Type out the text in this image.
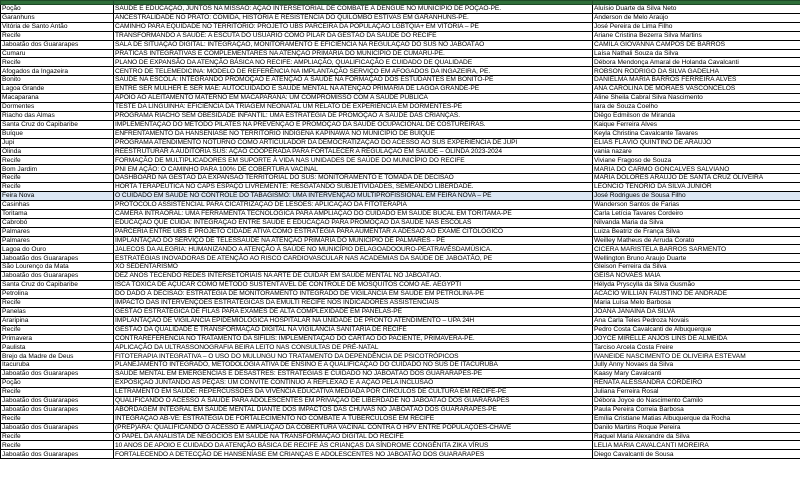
Poção	SAÚDE E EDUCAÇÃO, JUNTOS NA MISSÃO: AÇÃO INTERSETORIAL DE COMBATE À DENGUE NO MUNICÍPIO DE POÇÃO-PE.	Aluísio Duarte da Silva Neto
Garanhuns	ANCESTRALIDADE NO PRATO: COMIDA, HISTÓRIA E RESISTÊNCIA DO QUILOMBO ESTIVAS EM GARANHUNS-PE.	Anderson de Melo Araújo
Vitória de Santo Antão	CAMINHO PARA EQUIDADE NO TERRITÓRIO: PROJETO UBS PARCEIRA DA POPULAÇÃO LGBTQIA+ EM VITÓRIA – PE	José Pereira de Lima Filho
Recife	TRANSFORMANDO A SAÚDE: A ESCUTA DO USUÁRIO COMO PILAR DA GESTÃO DA SAÚDE DO RECIFE	Ariane Cristina Bezerra Silva Martins
Jaboatão dos Guararapes	SALA DE SITUAÇÃO DIGITAL: INTEGRAÇÃO, MONITORAMENTO E EFICIÊNCIA NA REGULAÇÃO DO SUS NO JABOATÃO	CAMILA GIOVANNA CAMPOS DE BARROS
Cumaru	PRÁTICAS INTEGRATIVAS E COMPLEMENTARES NA ATENÇÃO PRIMÁRIA DO MUNICÍPIO DE CUMARU-PE.	Laísa Nathali Souza da Silva
Recife	PLANO DE EXPANSÃO DA ATENÇÃO BÁSICA NO RECIFE: AMPLIAÇÃO, QUALIFICAÇÃO E CUIDADO DE QUALIDADE	Débora Mendonça Amaral de Holanda Cavalcanti
Afogados da Ingazeira	CENTRO DE TELEMEDICINA: MODELO DE REFERÊNCIA NA IMPLANTAÇÃO SERVIÇO EM AFOGADOS DA INGAZEIRA, PE.	ROBSON RODRIGO DA SILVA GADELHA
Bonito	SAÚDE NA ESCOLA: INTEGRANDO PROMOÇÃO E ATENÇÃO À SAÚDE NA FORMAÇÃO DOS ESTUDANTES EM BONITO-PE	DANIELMA MARIA BARROS FERREIRA ALVES
Lagoa Grande	ENTRE SER MULHER E SER MÃE: AUTOCUIDADO E SAÚDE MENTAL NA ATENÇÃO PRIMÁRIA DE LAGOA GRANDE-PE	ANA CAROLINA DE MORAES VASCONCELOS
Macaparana	APOIO AO ALEITAMENTO MATERNO EM MACAPARANA: UM COMPROMISSO COM A SAÚDE PÚBLICA	Aline Sheila Cabral Silva Nascimento
Dormentes	TESTE DA LINGUINHA: EFICIÊNCIA DA TRIAGEM NEONATAL UM RELATO DE EXPERIÊNCIA EM DORMENTES-PE	Iara de Souza Coelho
Riacho das Almas	PROGRAMA RIACHO SEM OBESIDADE INFANTIL: UMA ESTRATÉGIA DE PROMOÇÃO À SAÚDE DAS CRIANÇAS.	Diêgo Edmilson de Miranda
Santa Cruz do Capibaribe	IMPLEMENTAÇÃO DO MÉTODO PILATES NA PREVENÇÃO E PROMOÇÃO DA SAÚDE OCUPACIONAL DE COSTUREIRAS.	Kaique Ferreira Alves
Buíque	ENFRENTAMENTO DA HANSENÍASE NO TERRITÓRIO INDÍGENA KAPINAWÁ NO MUNICÍPIO DE BUÍQUE	Keyla Christina Cavalcante Tavares
Jupi	PROGRAMA ATENDIMENTO NOTURNO COMO ARTICULADOR DA DEMOCRATIZAÇÃO DO ACESSO AO SUS EXPERIÊNCIA DE JUPI	ELIAS FLÁVIO QUINTINO DE ARAÚJO
Olinda	REESTRUTURAR A AUDITORIA SUS: AÇÃO COOPERADA PARA FORTALECER A REGULAÇÃO EM SAÚDE – OLINDA 2023-2024	vania nazare
Recife	FORMAÇÃO DE MULTIPLICADORES EM SUPORTE À VIDA NAS UNIDADES DE SAÚDE DO MUNICÍPIO DO RECIFE	Viviane Fragoso de Souza
Bom Jardim	PNI EM AÇÃO: O CAMINHO PARA 100% DE COBERTURA VACINAL	MARIA DO CARMO GONCALVES SALVIANO
Recife	DASHBOARD NA GESTÃO DA EXPANSÃO TERRITORIAL DO SUS: MONITORAMENTO E TOMADA DE DECISÃO	MARIA DOLORES ARAÚJO DE SANTA CRUZ OLIVEIRA
Recife	HORTA TERAPÊUTICA NO CAPS ESPAÇO LIVREMENTE: RESGATANDO SUBJETIVIDADES, SEMEANDO LIBERDADE.	LEONCIO TENORIO DA SILVA JUNIOR
Feira Nova	O CUIDADO EM SAÚDE NO CONTROLE DO TABAGISMO: UMA INTERVENÇÃO MULTIPROFISSIONAL EM FEIRA NOVA – PE	José Rodrigues de Sousa Filho
Casinhas	PROTOCOLO ASSISTENCIAL PARA CICATRIZAÇÃO DE LESÕES: APLICAÇÃO DA FITOTERAPIA	Wanderson Santos de Farias
Toritama	CÂMERA INTRAORAL: UMA FERRAMENTA TECNOLÓGICA PARA AMPLIAÇÃO DO CUIDADO EM SAÚDE BUCAL EM TORITAMA-PE	Carla Letícia Tavares Cordeiro
Cabrobó	EDUCAÇÃO QUE CUIDA: INTEGRAÇÃO ENTRE SAÚDE E EDUCAÇÃO PARA PROMOÇÃO DA SAÚDE NAS ESCOLAS	Nilvanda Maria da Silva
Palmares	PARCERIA ENTRE UBS E PROJETO CIDADE ATIVA COMO ESTRATÉGIA PARA AUMENTAR A ADESÃO AO EXAME CITOLÓGICO	Luiza Beatriz de França Silva
Palmares	IMPLANTAÇÃO DO SERVIÇO DE TELESSAÚDE NA ATENÇÃO PRIMÁRIA DO MUNICÍPIO DE PALMARES - PE	Weilley Matheus de Arruda Corato
Lagoa do Ouro	JALECOS DA ALEGRIA: HUMANIZANDO A ATENÇÃO À SAÚDE NO MUNICÍPIO DELAGOADOOURO-PEATRAVÉSDAMÚSICA.	CICERA MARISTELA BARROS SARMENTO
Jaboatão dos Guararapes	ESTRATÉGIAS INOVADORAS DE ATENÇÃO AO RISCO CARDIOVASCULAR NAS ACADEMIAS DA SAÚDE DE JABOATÃO, PE	Wellington Bruno Araujo Duarte
São Lourenço da Mata	XÔ SEDENTARISMO	Gleison Ferreira da Silva
Jaboatão dos Guararapes	DEZ ANOS TECENDO REDES INTERSETORIAIS NA ARTE DE CUIDAR EM SAÚDE MENTAL NO JABOATÃO.	GEISA NOVAES MAIA
Santa Cruz do Capibaribe	ISCA TÓXICA DE AÇÚCAR COMO MÉTODO SUSTENTÁVEL DE CONTROLE DE MOSQUITOS COMO AE. AEGYPTI	Hélyda Pryscylla da Silva Gusmão
Petrolina	DO DADO À DECISÃO: ESTRATÉGIA DE MONITORAMENTO INTEGRADO DE VIGILÂNCIA EM SAÚDE EM PETROLINA-PE	ACÁCIO WILLIAN FAUSTINO DE ANDRADE
Recife	IMPACTO DAS INTERVENÇÕES ESTRATÉGICAS DA EMULTI RECIFE NOS INDICADORES ASSISTENCIAIS	Maria Luísa Melo Barbosa
Panelas	GESTÃO ESTRATÉGICA DE FILAS PARA EXAMES DE ALTA COMPLEXIDADE EM PANELAS-PE	JOANA JANAÍNA DA SILVA
Araripina	IMPLANTAÇÃO DE VIGILÂNCIA EPIDEMIOLÓGICA HOSPITALAR NA UNIDADE DE PRONTO ATENDIMENTO – UPA 24H	Ana Carla Teles Pedroza Novais
Recife	GESTÃO DA QUALIDADE E TRANSFORMAÇÃO DIGITAL NA VIGILÂNCIA SANITÁRIA DE RECIFE	Pedro Costa Cavalcanti de Albuquerque
Primavera	CONTRAREFERÊNCIA NO TRATAMENTO DA SÍFILIS: IMPLEMENTAÇÃO DO CARTÃO DO PACIENTE, PRIMAVERA-PE.	JOYCE MIRELLE ANJOS LINS DE ALMEIDA
Paulista	APLICAÇÃO DA ULTRASSONOGRAFIA BEIRA LEITO NAS CONSULTAS DE PRÉ-NATAL	Tarciso Arcela Costa Freire
Brejo da Madre de Deus	FITOTERAPIA INTEGRATIVA – O USO DO MULUNGU NO TRATAMENTO DA DEPENDÊNCIA DE PSICOTRÓPICOS	IVANEIDE NASCIMENTO DE OLIVEIRA ESTEVAM
Itacuruba	PLANEJAMENTO INTEGRADO, METODOLOGIA ATIVA DE ENSINO E A QUALIFICAÇÃO DO CUIDADO NO SUS DE ITACURUBA	Jully Anny Novaes da Silva
Jaboatão dos Guararapes	SAÚDE MENTAL EM EMERGÊNCIAS E DESASTRES: ESTRATÉGIAS E CUIDADO NO JABOATÃO DOS GUARARAPES-PE	Kaasy Mary Cavalcanti
Poção	EXPOSIÇÃO JUNTANDO AS PEÇAS: UM CONVITE CONTÍNUO À REFLEXÃO E À AÇÃO PELA INCLUSÃO	RENATA ALESSANDRA CORDEIRO
Recife	LETRAMENTO EM SAÚDE: REPERCUSSÕES DA VIVÊNCIA EDUCATIVA MEDIADA POR CÍRCULOS DE CULTURA EM RECIFE-PE	Juliana Ferreira Rosal
Jaboatão dos Guararapes	QUALIFICANDO O ACESSO À SAÚDE PARA ADOLESCENTES EM PRIVAÇÃO DE LIBERDADE NO JABOATÃO DOS GUARARAPES	Débora Joyce do Nascimento Camilo
Jaboatão dos Guararapes	ABORDAGEM INTEGRAL EM SAÚDE MENTAL DIANTE DOS IMPACTOS DAS CHUVAS NO JABOATÃO DOS GUARARAPES-PE	Paula Pereira Correia Barbosa
Recife	INTEGRAÇÃO AB-VE: ESTRATÉGIA DE FORTALECIMENTO NO COMBATE À TUBERCULOSE EM RECIFE	Emília Cristiane Matias Albuquerque da Rocha
Jaboatão dos Guararapes	(PREP)ARA: QUALIFICANDO O ACESSO E AMPLIAÇÃO DA COBERTURA VACINAL CONTRA O HPV ENTRE POPULAÇÕES-CHAVE	Danilo Martins Roque Pereira
Recife	O PAPEL DA ANALISTA DE NEGÓCIOS EM SAÚDE NA TRANSFORMAÇÃO DIGITAL DO RECIFE	Raquel Maria Alexandre da Silva
Recife	10 ANOS DE APOIO E CUIDADO DA ATENÇÃO BÁSICA DE RECIFE ÀS CRIANÇAS DA SÍNDROME CONGÊNITA ZIKA VÍRUS	LELIA MARIA CAVALCANTI MOREIRA
Jaboatão dos Guararapes	FORTALECENDO A DETECÇÃO DE HANSENÍASE EM CRIANÇAS E ADOLESCENTES NO JABOATÃO DOS GUARARAPES	Diego Cavalcanti de Sousa
